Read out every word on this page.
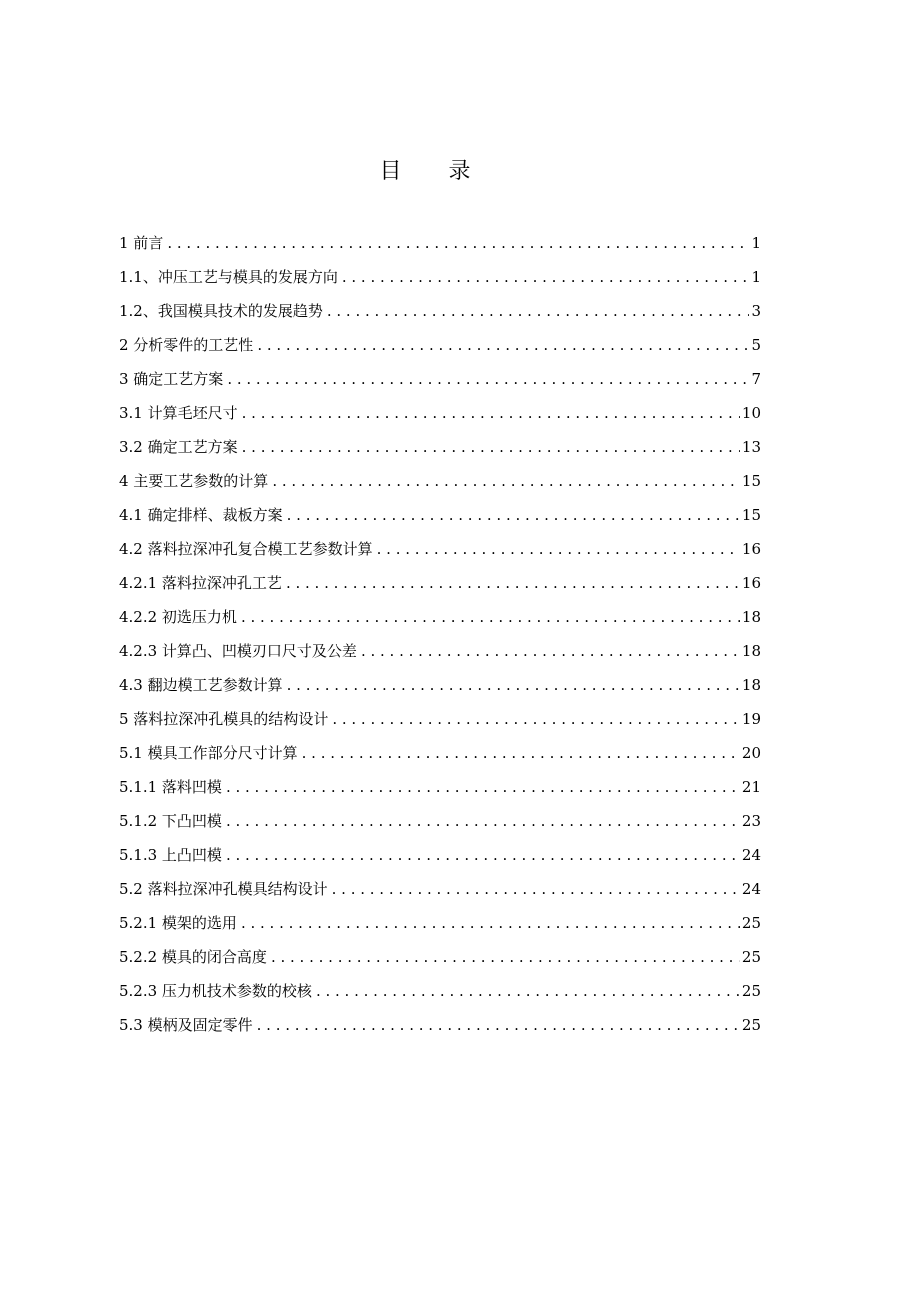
目 录
1 前言 . . .	1
1.1、冲压工艺与模具的发展方向 . . .	1
1.2、我国模具技术的发展趋势 . . .	3
2 分析零件的工艺性 . . .	5
3 确定工艺方案 . . .	7
3.1 计算毛坯尺寸 . . .	10
3.2 确定工艺方案 . . .	13
4 主要工艺参数的计算 . . .	15
4.1 确定排样、裁板方案 . . .	15
4.2 落料拉深冲孔复合模工艺参数计算 . . .	16
4.2.1 落料拉深冲孔工艺 . . .	16
4.2.2 初选压力机 . . .	18
4.2.3 计算凸、凹模刃口尺寸及公差 . . .	18
4.3 翻边模工艺参数计算 . . .	18
5 落料拉深冲孔模具的结构设计 . . .	19
5.1 模具工作部分尺寸计算 . . .	20
5.1.1 落料凹模 . . .	21
5.1.2 下凸凹模 . . .	23
5.1.3 上凸凹模 . . .	24
5.2 落料拉深冲孔模具结构设计 . . .	24
5.2.1 模架的选用 . . .	25
5.2.2 模具的闭合高度 . . .	25
5.2.3 压力机技术参数的校核 . . .	25
5.3 模柄及固定零件 . . .	25
